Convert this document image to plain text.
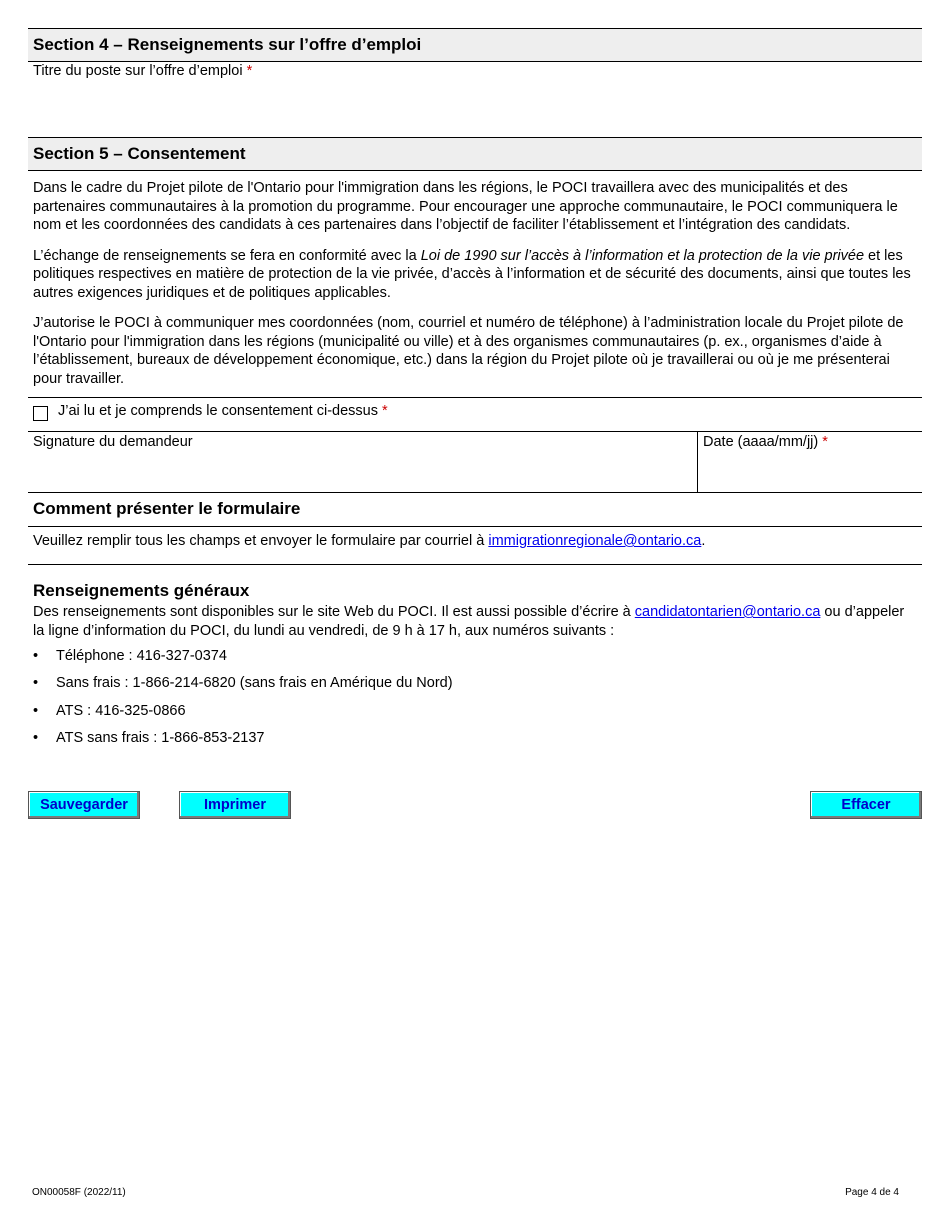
Section 4 – Renseignements sur l’offre d’emploi
Titre du poste sur l’offre d’emploi *
Section 5 – Consentement

Dans le cadre du Projet pilote de l'Ontario pour l'immigration dans les régions, le POCI travaillera avec des municipalités et des partenaires communautaires à la promotion du programme. Pour encourager une approche communautaire, le POCI communiquera le nom et les coordonnées des candidats à ces partenaires dans l’objectif de faciliter l’établissement et l’intégration des candidats.

L’échange de renseignements se fera en conformité avec la Loi de 1990 sur l’accès à l’information et la protection de la vie privée et les politiques respectives en matière de protection de la vie privée, d’accès à l’information et de sécurité des documents, ainsi que toutes les autres exigences juridiques et de politiques applicables.

J’autorise le POCI à communiquer mes coordonnées (nom, courriel et numéro de téléphone) à l’administration locale du Projet pilote de l'Ontario pour l'immigration dans les régions (municipalité ou ville) et à des organismes communautaires (p. ex., organismes d’aide à l’établissement, bureaux de développement économique, etc.) dans la région du Projet pilote où je travaillerai ou où je me présenterai pour travailler.

J’ai lu et je comprends le consentement ci-dessus *
Signature du demandeur	Date (aaaa/mm/jj) *
Comment présenter le formulaire
Veuillez remplir tous les champs et envoyer le formulaire par courriel à immigrationregionale@ontario.ca.
Renseignements généraux
Des renseignements sont disponibles sur le site Web du POCI. Il est aussi possible d’écrire à candidatontarien@ontario.ca ou d’appeler la ligne d’information du POCI, du lundi au vendredi, de 9 h à 17 h, aux numéros suivants :
• Téléphone : 416-327-0374
• Sans frais : 1-866-214-6820 (sans frais en Amérique du Nord)
• ATS : 416-325-0866
• ATS sans frais : 1-866-853-2137
Sauvegarder	Imprimer	Effacer
ON00058F (2022/11)	Page 4 de 4
